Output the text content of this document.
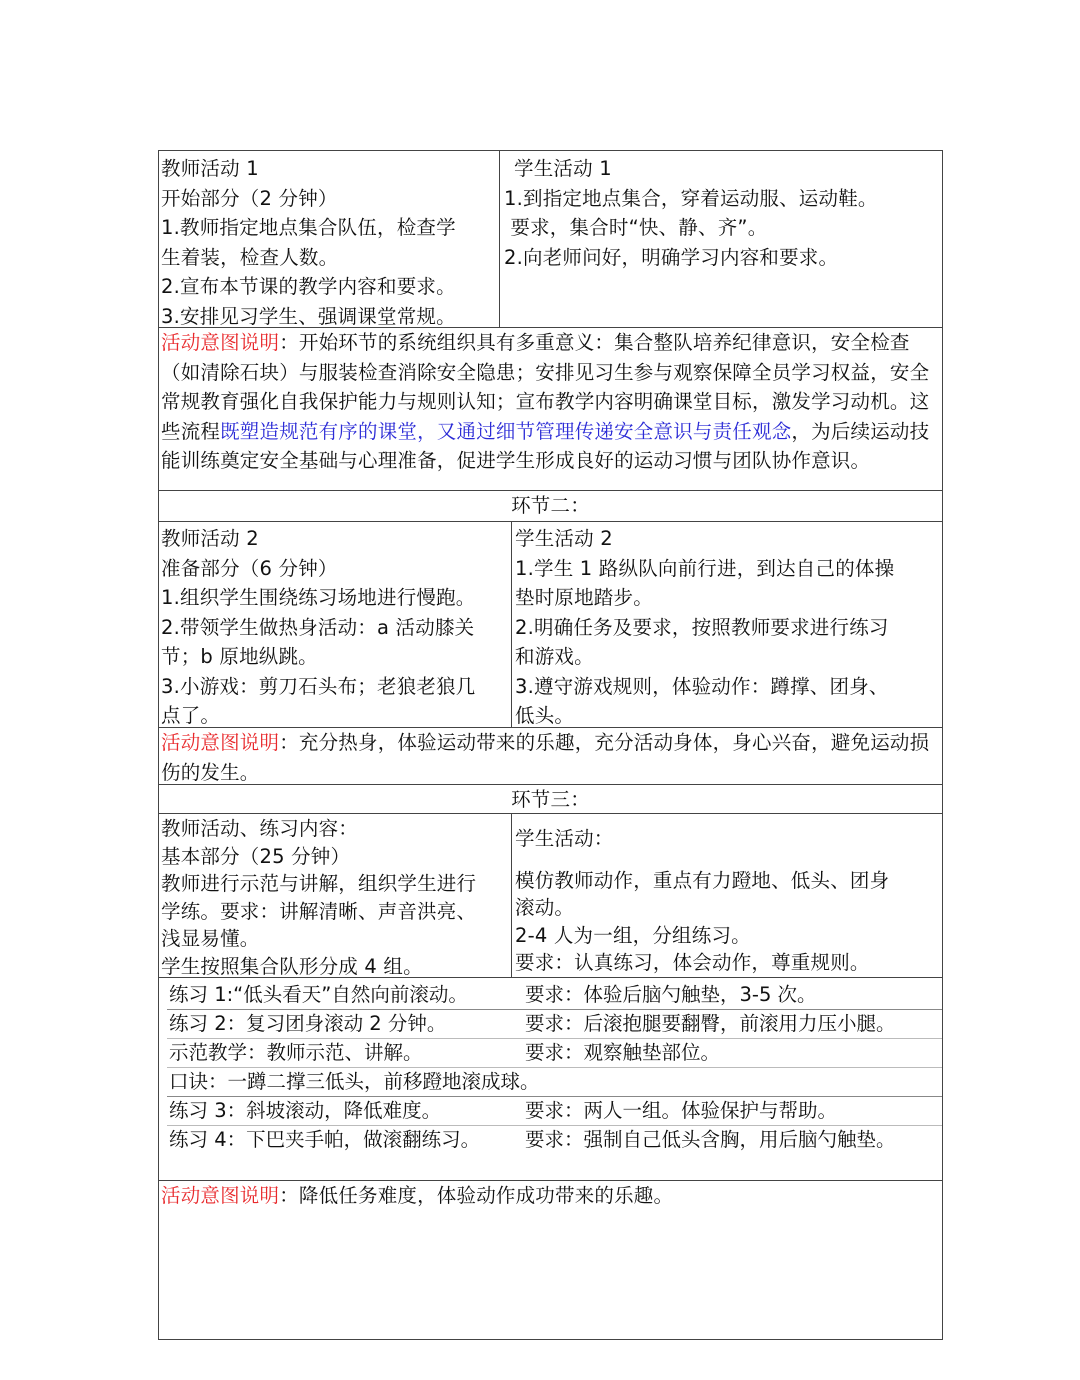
教师活动 1
开始部分（2 分钟）
1.教师指定地点集合队伍，检查学
生着装，检查人数。
2.宣布本节课的教学内容和要求。
3.安排见习学生、强调课堂常规。
学生活动 1
1.到指定地点集合，穿着运动服、运动鞋。
要求，集合时“快、静、齐”。
2.向老师问好，明确学习内容和要求。
活动意图说明：开始环节的系统组织具有多重意义：集合整队培养纪律意识，安全检查（如清除石块）与服装检查消除安全隐患；安排见习生参与观察保障全员学习权益，安全常规教育强化自我保护能力与规则认知；宣布教学内容明确课堂目标，激发学习动机。这些流程既塑造规范有序的课堂，又通过细节管理传递安全意识与责任观念，为后续运动技能训练奠定安全基础与心理准备，促进学生形成良好的运动习惯与团队协作意识。
环节二：
教师活动 2
准备部分（6 分钟）
1.组织学生围绕练习场地进行慢跑。
2.带领学生做热身活动：a 活动膝关
节；b 原地纵跳。
3.小游戏：剪刀石头布；老狼老狼几
点了。
学生活动 2
1.学生 1 路纵队向前行进，到达自己的体操
垫时原地踏步。
2.明确任务及要求，按照教师要求进行练习
和游戏。
3.遵守游戏规则，体验动作：蹲撑、团身、
低头。
活动意图说明：充分热身，体验运动带来的乐趣，充分活动身体，身心兴奋，避免运动损伤的发生。
环节三：
教师活动、练习内容：
基本部分（25 分钟）
教师进行示范与讲解，组织学生进行
学练。要求：讲解清晰、声音洪亮、
浅显易懂。
学生按照集合队形分成 4 组。
学生活动：
模仿教师动作，重点有力蹬地、低头、团身
滚动。
2-4 人为一组，分组练习。
要求：认真练习，体会动作，尊重规则。
练习 1:“低头看天”自然向前滚动。	要求：体验后脑勺触垫，3-5 次。
练习 2：复习团身滚动 2 分钟。	要求：后滚抱腿要翻臀，前滚用力压小腿。
示范教学：教师示范、讲解。	要求：观察触垫部位。
口诀：一蹲二撑三低头，前移蹬地滚成球。
练习 3：斜坡滚动，降低难度。	要求：两人一组。体验保护与帮助。
练习 4：下巴夹手帕，做滚翻练习。 要求：强制自己低头含胸，用后脑勺触垫。
活动意图说明：降低任务难度，体验动作成功带来的乐趣。
